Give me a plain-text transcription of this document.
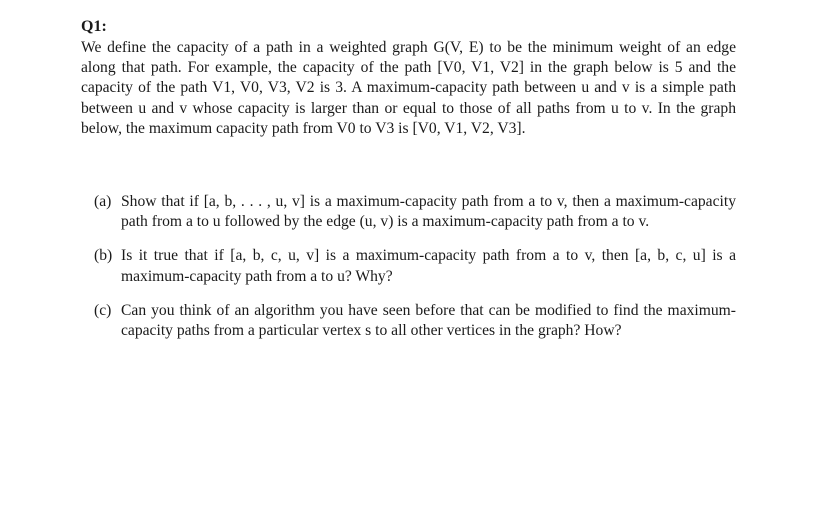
Q1:
We define the capacity of a path in a weighted graph G(V, E) to be the minimum weight of an edge along that path. For example, the capacity of the path [V0, V1, V2] in the graph below is 5 and the capacity of the path V1, V0, V3, V2 is 3. A maximum-capacity path between u and v is a simple path between u and v whose capacity is larger than or equal to those of all paths from u to v. In the graph below, the maximum capacity path from V0 to V3 is [V0, V1, V2, V3].
(a) Show that if [a, b, . . . , u, v] is a maximum-capacity path from a to v, then a maximum-capacity path from a to u followed by the edge (u, v) is a maximum-capacity path from a to v.
(b) Is it true that if [a, b, c, u, v] is a maximum-capacity path from a to v, then [a, b, c, u] is a maximum-capacity path from a to u? Why?
(c) Can you think of an algorithm you have seen before that can be modified to find the maximum-capacity paths from a particular vertex s to all other vertices in the graph? How?
